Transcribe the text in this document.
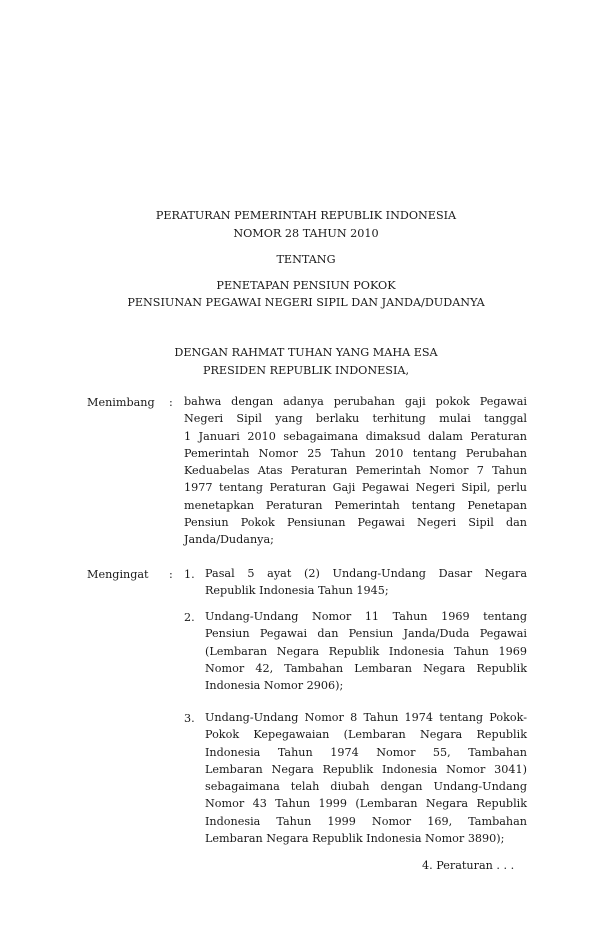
PERATURAN PEMERINTAH REPUBLIK INDONESIA
NOMOR 28 TAHUN 2010
TENTANG
PENETAPAN PENSIUN POKOK
PENSIUNAN PEGAWAI NEGERI SIPIL DAN JANDA/DUDANYA
DENGAN RAHMAT TUHAN YANG MAHA ESA
PRESIDEN REPUBLIK INDONESIA,
Menimbang : bahwa dengan adanya perubahan gaji pokok Pegawai
Negeri Sipil yang berlaku terhitung mulai tanggal
1 Januari 2010 sebagaimana dimaksud dalam Peraturan
Pemerintah Nomor 25 Tahun 2010 tentang Perubahan
Keduabelas Atas Peraturan Pemerintah Nomor 7 Tahun
1977 tentang Peraturan Gaji Pegawai Negeri Sipil, perlu
menetapkan Peraturan Pemerintah tentang Penetapan
Pensiun Pokok Pensiunan Pegawai Negeri Sipil dan
Janda/Dudanya;
Mengingat : 1. Pasal 5 ayat (2) Undang-Undang Dasar Negara
Republik Indonesia Tahun 1945;
2. Undang-Undang Nomor 11 Tahun 1969 tentang
Pensiun Pegawai dan Pensiun Janda/Duda Pegawai
(Lembaran Negara Republik Indonesia Tahun 1969
Nomor 42, Tambahan Lembaran Negara Republik
Indonesia Nomor 2906);
3. Undang-Undang Nomor 8 Tahun 1974 tentang Pokok-
Pokok Kepegawaian (Lembaran Negara Republik
Indonesia Tahun 1974 Nomor 55, Tambahan
Lembaran Negara Republik Indonesia Nomor 3041)
sebagaimana telah diubah dengan Undang-Undang
Nomor 43 Tahun 1999 (Lembaran Negara Republik
Indonesia Tahun 1999 Nomor 169, Tambahan
Lembaran Negara Republik Indonesia Nomor 3890);
4. Peraturan . . .
